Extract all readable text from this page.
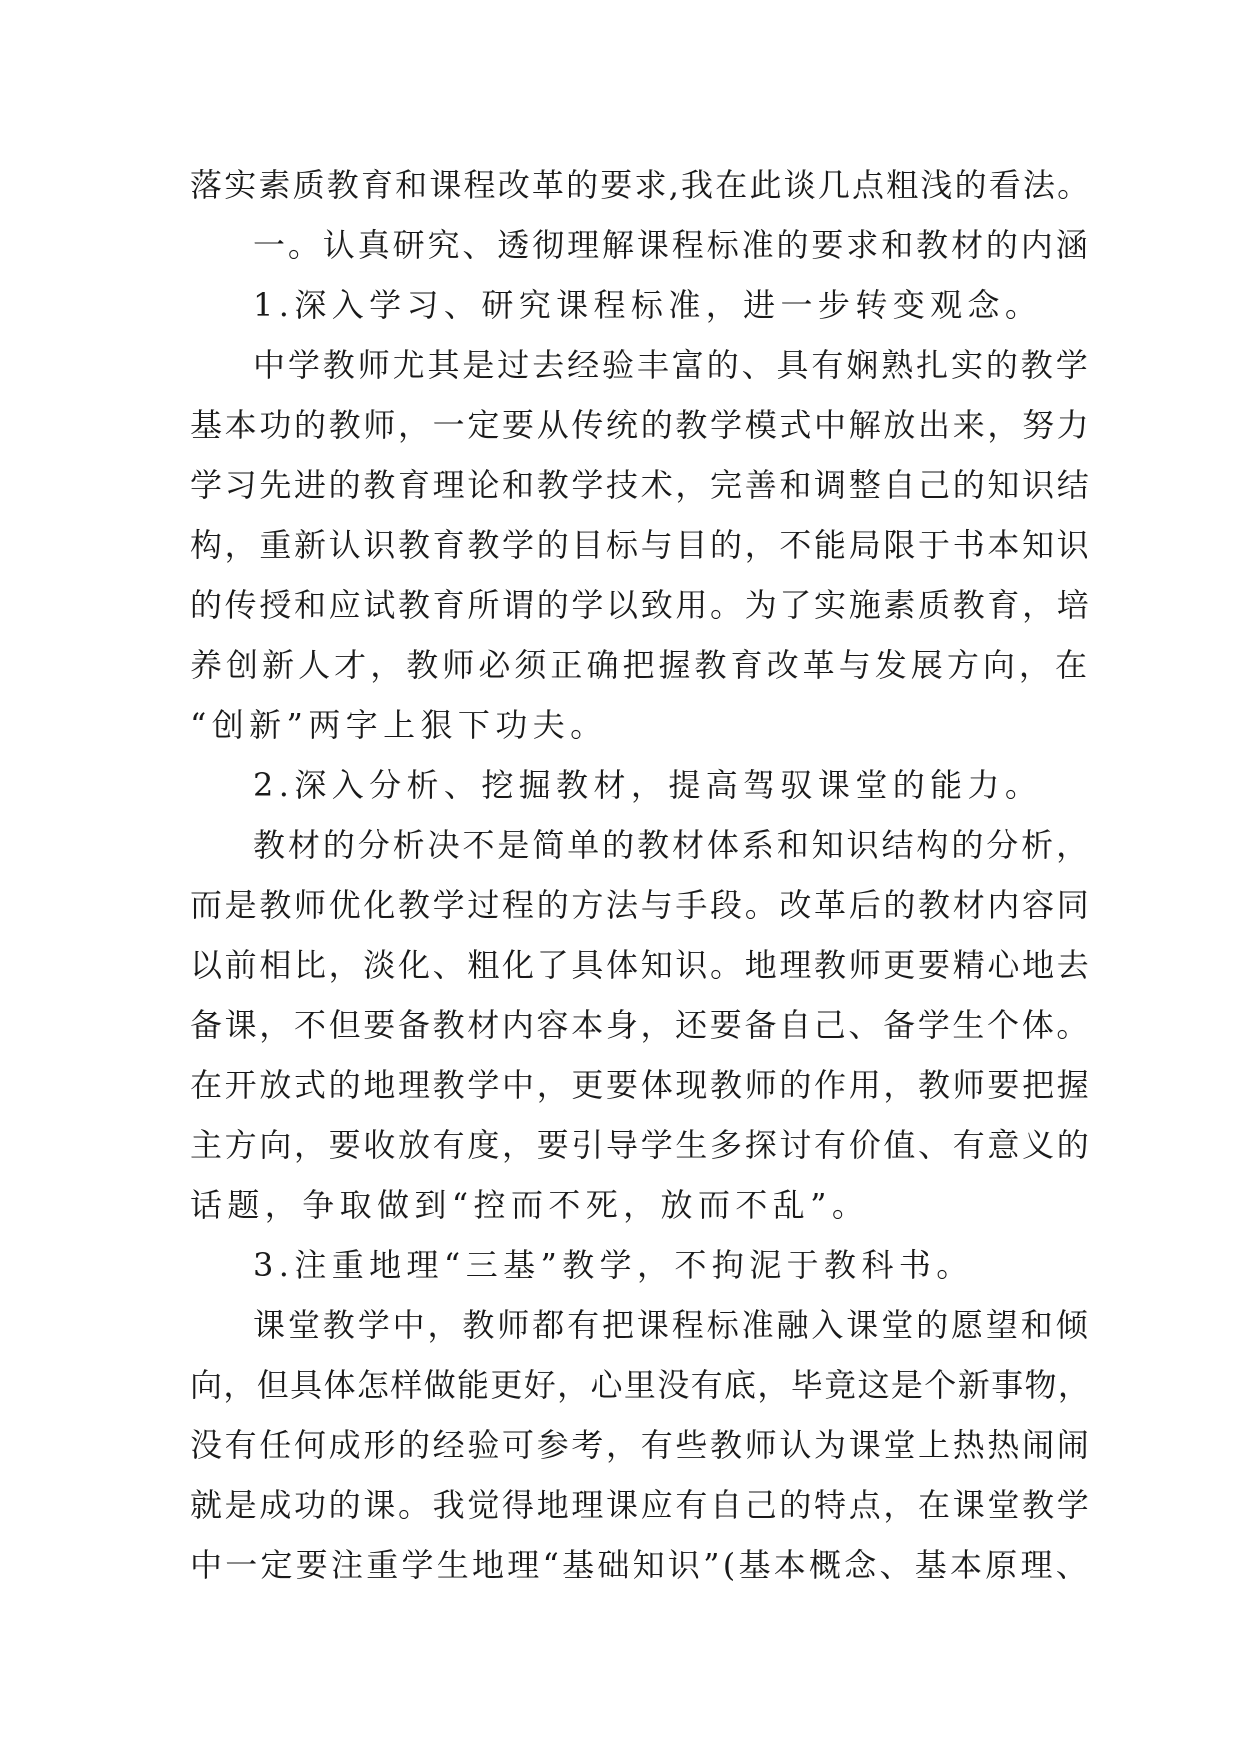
落实素质教育和课程改革的要求,我在此谈几点粗浅的看法。
一。认真研究、透彻理解课程标准的要求和教材的内涵
1.深入学习、研究课程标准，进一步转变观念。
中学教师尤其是过去经验丰富的、具有娴熟扎实的教学
基本功的教师，一定要从传统的教学模式中解放出来，努力
学习先进的教育理论和教学技术，完善和调整自己的知识结
构，重新认识教育教学的目标与目的，不能局限于书本知识
的传授和应试教育所谓的学以致用。为了实施素质教育，培
养创新人才，教师必须正确把握教育改革与发展方向，在
“创新”两字上狠下功夫。
2.深入分析、挖掘教材，提高驾驭课堂的能力。
教材的分析决不是简单的教材体系和知识结构的分析，
而是教师优化教学过程的方法与手段。改革后的教材内容同
以前相比，淡化、粗化了具体知识。地理教师更要精心地去
备课，不但要备教材内容本身，还要备自己、备学生个体。
在开放式的地理教学中，更要体现教师的作用，教师要把握
主方向，要收放有度，要引导学生多探讨有价值、有意义的
话题，争取做到“控而不死，放而不乱”。
3.注重地理“三基”教学，不拘泥于教科书。
课堂教学中，教师都有把课程标准融入课堂的愿望和倾
向，但具体怎样做能更好，心里没有底，毕竟这是个新事物，
没有任何成形的经验可参考，有些教师认为课堂上热热闹闹
就是成功的课。我觉得地理课应有自己的特点，在课堂教学
中一定要注重学生地理“基础知识”(基本概念、基本原理、
